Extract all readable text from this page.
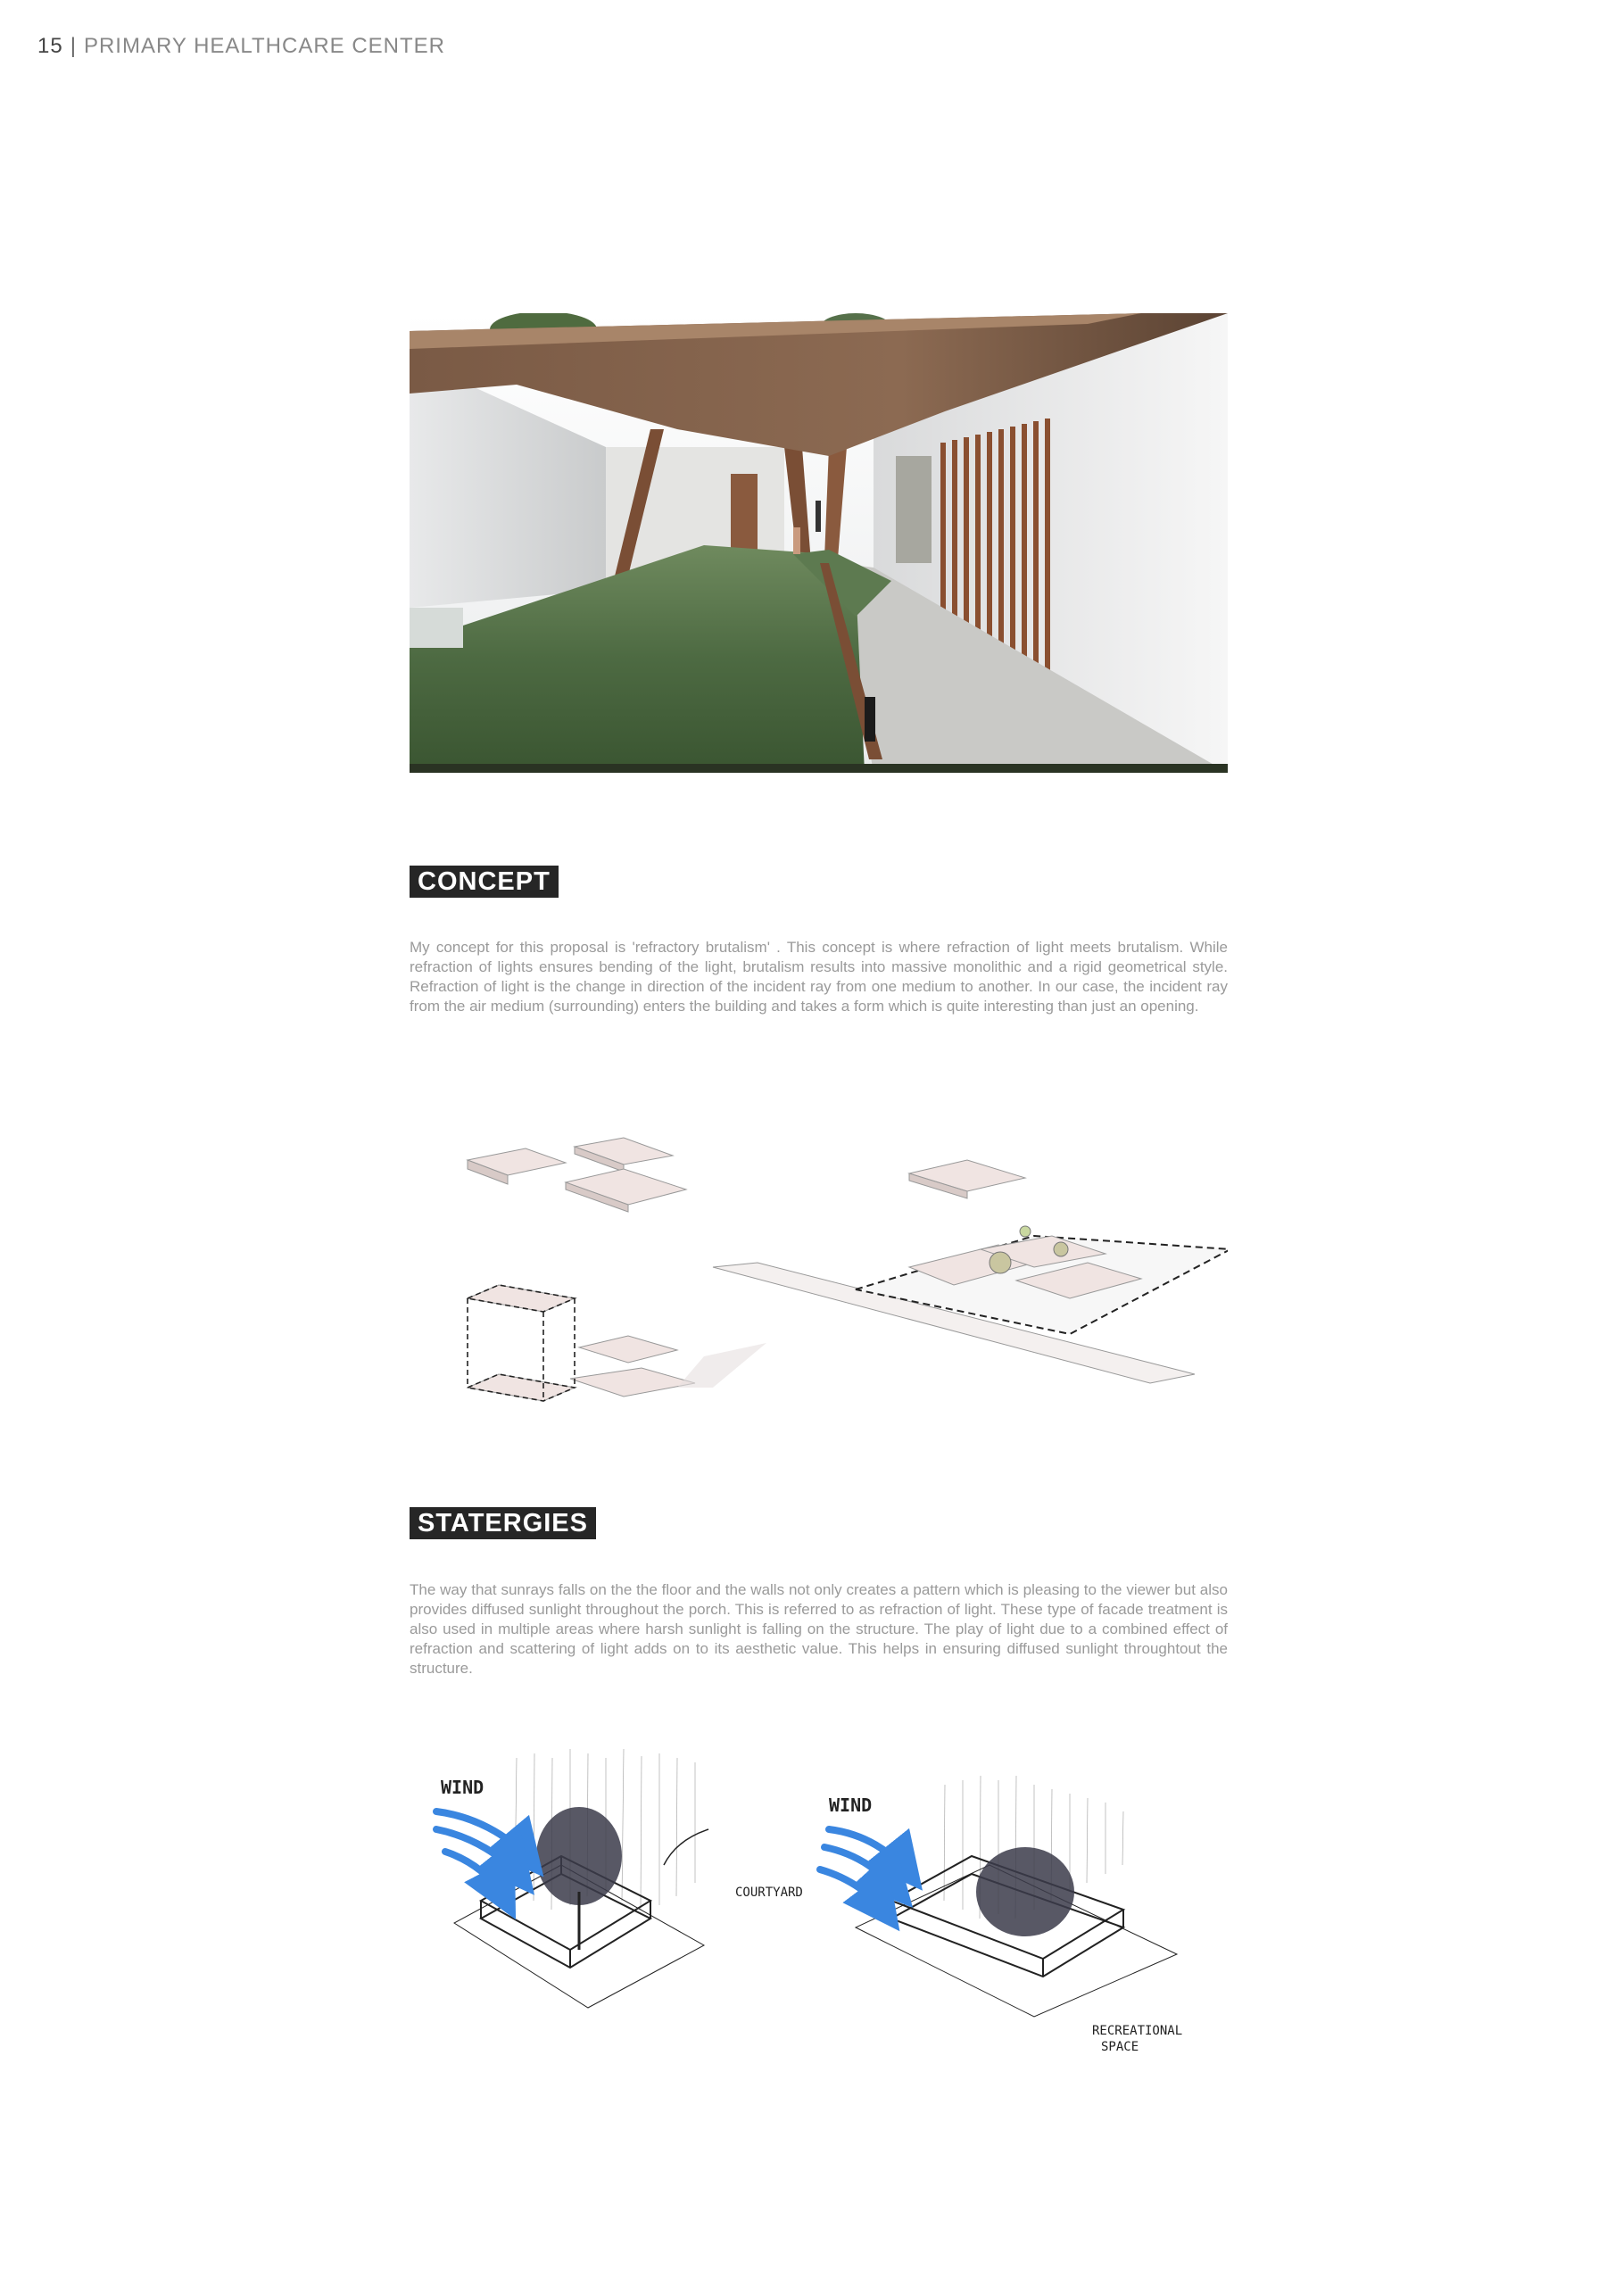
15 | PRIMARY HEALTHCARE CENTER
CONCEPT

My concept for this proposal is 'refractory brutalism' . This concept is where refraction of light meets brutalism. While refraction of lights ensures bending of the light, brutalism results into massive monolithic and a rigid geometrical style. Refraction of light is the change in direction of the incident ray from one medium to another. In our case, the incident ray from the air medium (surrounding) enters the building and takes a form which is quite interesting than just an opening.

STATERGIES

The way that sunrays falls on the the floor and the walls not only creates a pattern which is pleasing to the viewer but also provides diffused sunlight throughout the porch. This is referred to as refraction of light. These type of facade treatment is also used in multiple areas where harsh sunlight is falling on the structure. The play of light due to a combined effect of refraction and scattering of light adds on to its aesthetic value. This helps in ensuring diffused sunlight throughtout the structure.

WIND
COURTYARD
WIND
RECREATIONAL
SPACE
